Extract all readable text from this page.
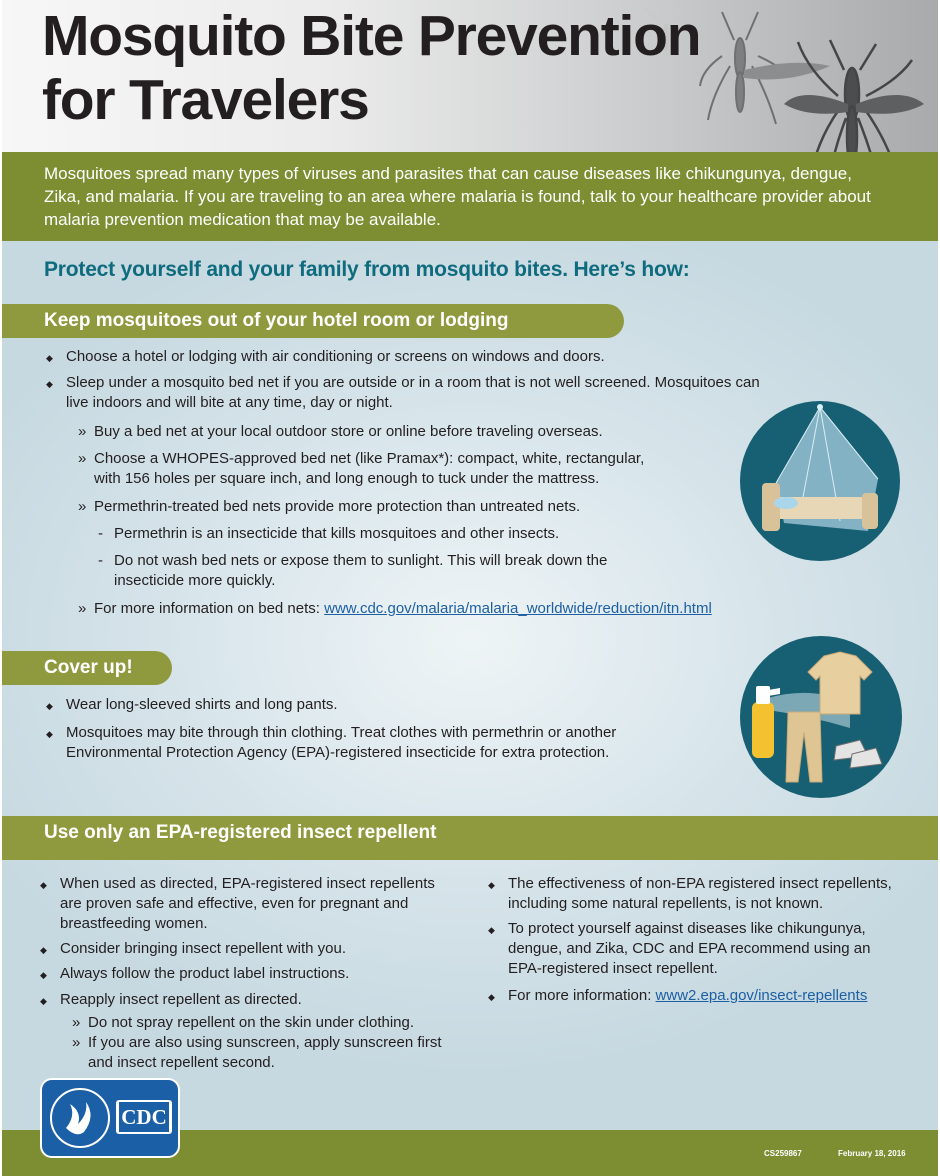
Mosquito Bite Prevention
for Travelers

Mosquitoes spread many types of viruses and parasites that can cause diseases like chikungunya, dengue, Zika, and malaria. If you are traveling to an area where malaria is found, talk to your healthcare provider about malaria prevention medication that may be available.

Protect yourself and your family from mosquito bites. Here’s how:
Keep mosquitoes out of your hotel room or lodging

◆ Choose a hotel or lodging with air conditioning or screens on windows and doors.

◆ Sleep under a mosquito bed net if you are outside or in a room that is not well screened. Mosquitoes can live indoors and will bite at any time, day or night.

» Buy a bed net at your local outdoor store or online before traveling overseas.

» Choose a WHOPES-approved bed net (like Pramax*): compact, white, rectangular, with 156 holes per square inch, and long enough to tuck under the mattress.

» Permethrin-treated bed nets provide more protection than untreated nets.

- Permethrin is an insecticide that kills mosquitoes and other insects.

- Do not wash bed nets or expose them to sunlight. This will break down the insecticide more quickly.

» For more information on bed nets: www.cdc.gov/malaria/malaria_worldwide/reduction/itn.html

Cover up!

◆ Wear long-sleeved shirts and long pants.

◆ Mosquitoes may bite through thin clothing. Treat clothes with permethrin or another Environmental Protection Agency (EPA)-registered insecticide for extra protection.

Use only an EPA-registered insect repellent

◆ When used as directed, EPA-registered insect repellents are proven safe and effective, even for pregnant and breastfeeding women.

◆ Consider bringing insect repellent with you.

◆ Always follow the product label instructions.

◆ Reapply insect repellent as directed.

» Do not spray repellent on the skin under clothing.

» If you are also using sunscreen, apply sunscreen first and insect repellent second.

◆ The effectiveness of non-EPA registered insect repellents, including some natural repellents, is not known.

◆ To protect yourself against diseases like chikungunya, dengue, and Zika, CDC and EPA recommend using an EPA-registered insect repellent.

◆ For more information: www2.epa.gov/insect-repellents

CDC

CS259867	February 18, 2016
